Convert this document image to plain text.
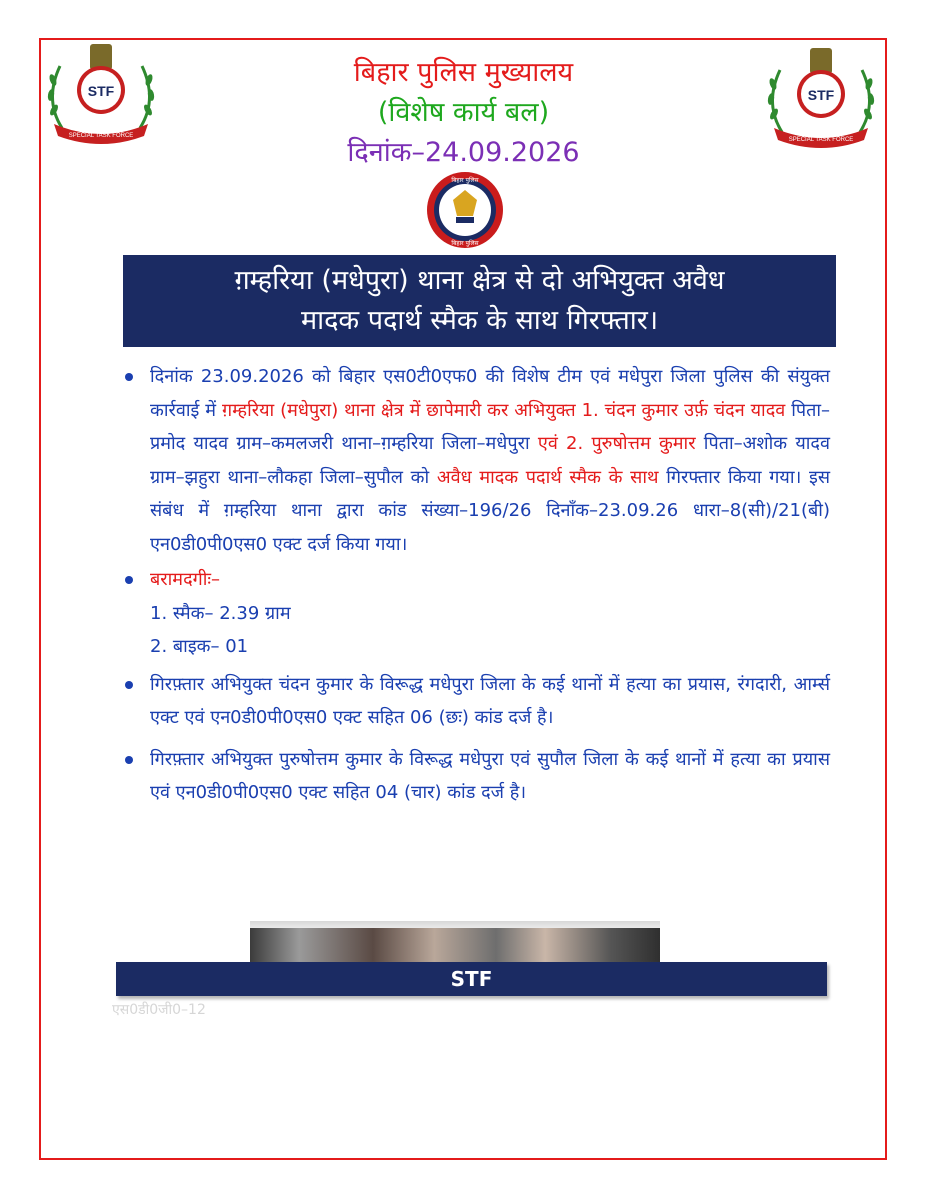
STF
SPECIAL TASK FORCE
STF
SPECIAL TASK FORCE
बिहार पुलिस मुख्यालय
(विशेष कार्य बल)
दिनांक–24.09.2026
बिहार पुलिस
बिहार पुलिस
ग़म्हरिया (मधेपुरा) थाना क्षेत्र से दो अभियुक्त अवैध
मादक पदार्थ स्मैक के साथ गिरफ्तार।
दिनांक 23.09.2026 को बिहार एस0टी0एफ0 की विशेष टीम एवं मधेपुरा जिला पुलिस की संयुक्त कार्रवाई में ग़म्हरिया (मधेपुरा) थाना क्षेत्र में छापेमारी कर अभियुक्त 1. चंदन कुमार उर्फ़ चंदन यादव पिता–प्रमोद यादव ग्राम–कमलजरी थाना–ग़म्हरिया जिला–मधेपुरा एवं 2. पुरुषोत्तम कुमार पिता–अशोक यादव ग्राम–झहुरा थाना–लौकहा जिला–सुपौल को अवैध मादक पदार्थ स्मैक के साथ गिरफ्तार किया गया। इस संबंध में ग़म्हरिया थाना द्वारा कांड संख्या–196/26 दिनाँक–23.09.26 धारा–8(सी)/21(बी) एन0डी0पी0एस0 एक्ट दर्ज किया गया।
बरामदगीः–
1. स्मैक– 2.39 ग्राम
2. बाइक– 01
गिरफ़्तार अभियुक्त चंदन कुमार के विरूद्ध मधेपुरा जिला के कई थानों में हत्या का प्रयास, रंगदारी, आर्म्स एक्ट एवं एन0डी0पी0एस0 एक्ट सहित 06 (छः) कांड दर्ज है।
गिरफ़्तार अभियुक्त पुरुषोत्तम कुमार के विरूद्ध मधेपुरा एवं सुपौल जिला के कई थानों में हत्या का प्रयास एवं एन0डी0पी0एस0 एक्ट सहित 04 (चार) कांड दर्ज है।
STF
एस0डी0जी0–12
